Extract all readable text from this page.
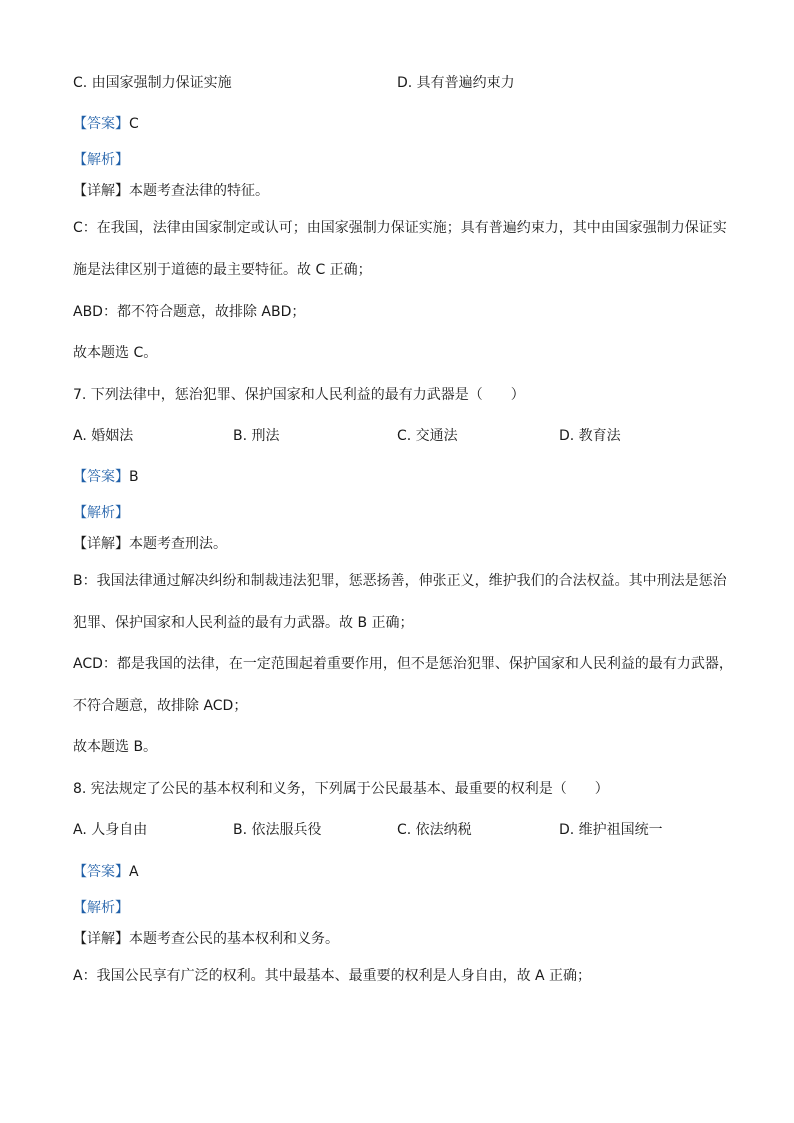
C. 由国家强制力保证实施	D. 具有普遍约束力
【答案】C
【解析】
【详解】本题考查法律的特征。
C：在我国，法律由国家制定或认可；由国家强制力保证实施；具有普遍约束力，其中由国家强制力保证实
施是法律区别于道德的最主要特征。故 C 正确；
ABD：都不符合题意，故排除 ABD；
故本题选 C。
7. 下列法律中，惩治犯罪、保护国家和人民利益的最有力武器是（　　）
A. 婚姻法	B. 刑法	C. 交通法	D. 教育法
【答案】B
【解析】
【详解】本题考查刑法。
B：我国法律通过解决纠纷和制裁违法犯罪，惩恶扬善，伸张正义，维护我们的合法权益。其中刑法是惩治
犯罪、保护国家和人民利益的最有力武器。故 B 正确；
ACD：都是我国的法律，在一定范围起着重要作用，但不是惩治犯罪、保护国家和人民利益的最有力武器，
不符合题意，故排除 ACD；
故本题选 B。
8. 宪法规定了公民的基本权利和义务，下列属于公民最基本、最重要的权利是（　　）
A. 人身自由	B. 依法服兵役	C. 依法纳税	D. 维护祖国统一
【答案】A
【解析】
【详解】本题考查公民的基本权利和义务。
A：我国公民享有广泛的权利。其中最基本、最重要的权利是人身自由，故 A 正确；
